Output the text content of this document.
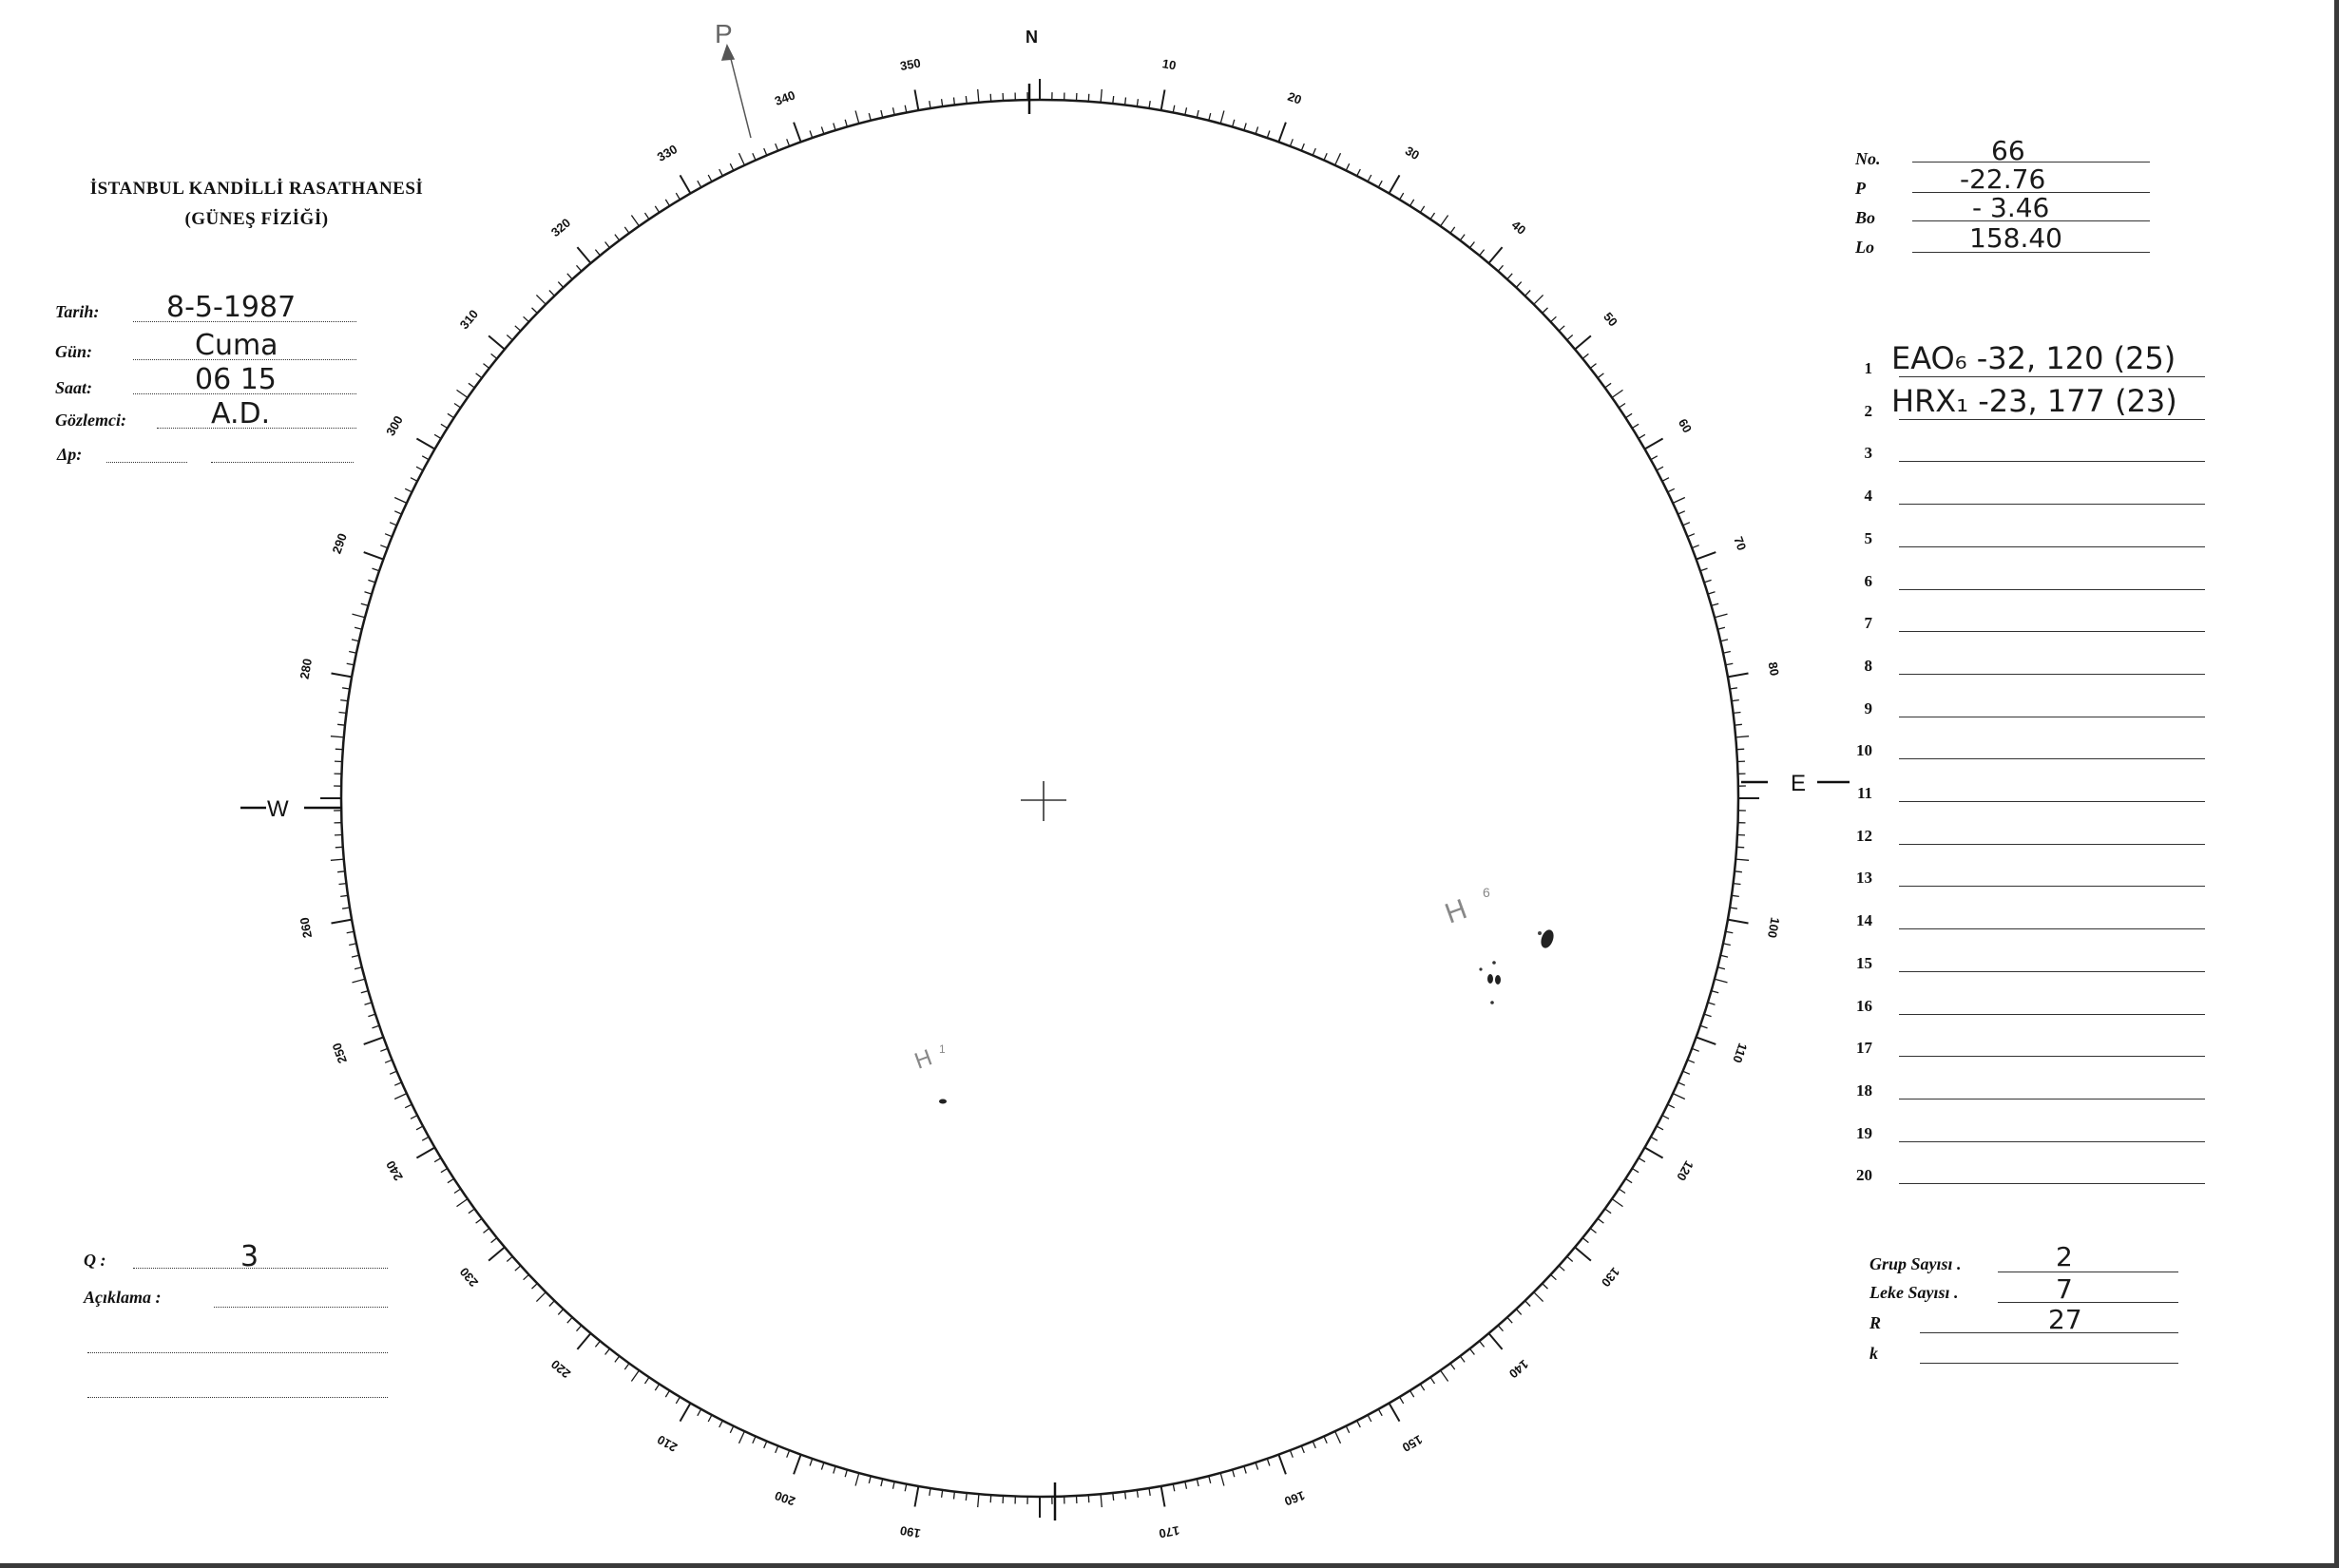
İSTANBUL KANDİLLİ RASATHANESİ
(GÜNEŞ FİZİĞİ)
Tarih: 8-5-1987
Gün:	Cuma
Saat:	06 15
Gözlemci:	A.D.
Δp:
No.	66
P	-22.76
Bo	- 3.46
Lo	158.40
1 EAO₆ -32, 120 (25)
2 HRX₁ -23, 177 (23)
3
4
5
6
7
8
9
10
11
12
13
14
15
16
17
18
19
20
Q :	3
Açıklama :
Grup Sayısı .	2
Leke Sayısı .	7
R	27
k
10
20
30
40
50
60
70
80
100
110
120
130
140
150
160
170
190
200
210
220
230
240
250
260
280
290
300
310
320
330
340
350
N
E
W
P
H
6
H 1
